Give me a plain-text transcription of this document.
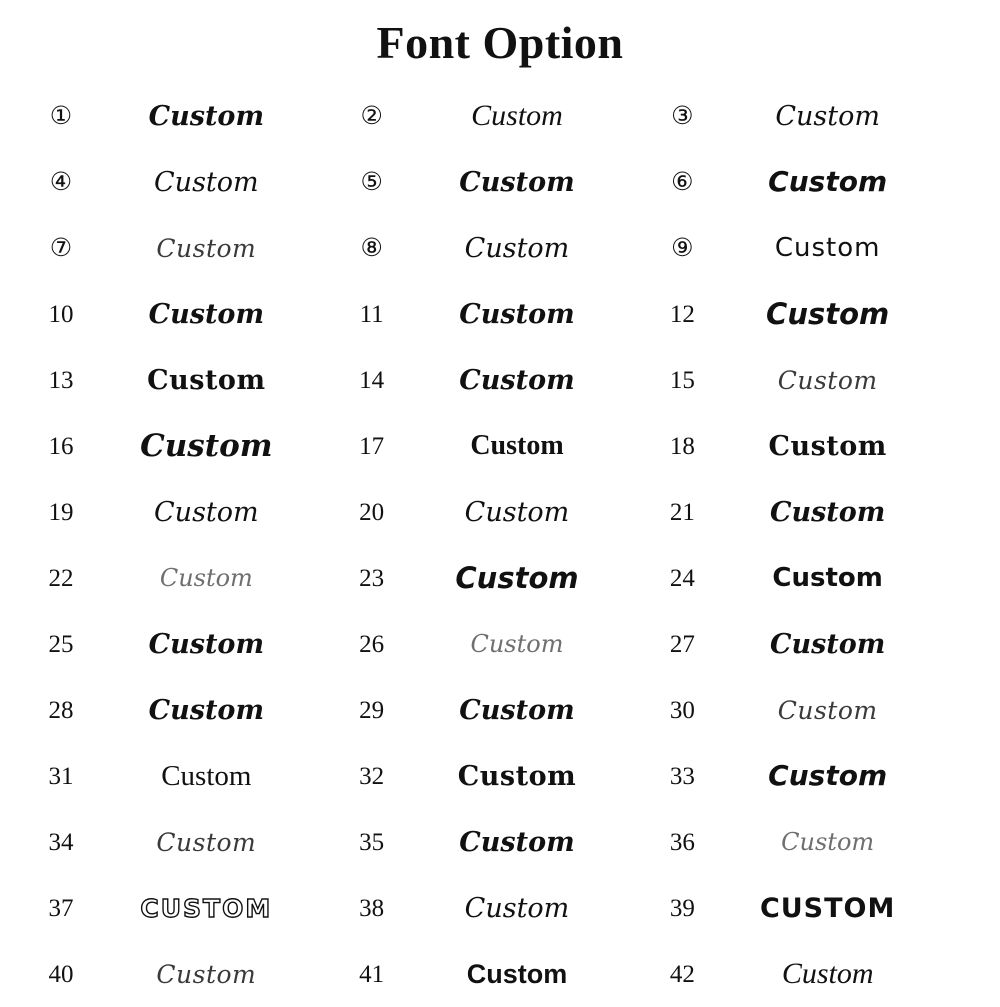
Font Option
①	Custom	②	Custom	③	Custom
④	Custom	⑤	Custom	⑥	Custom
⑦	Custom	⑧	Custom	⑨	Custom
10	Custom	11	Custom	12	Custom
13	Custom	14	Custom	15	Custom
16	Custom	17	Custom	18	Custom
19	Custom	20	Custom	21	Custom
22	Custom	23	Custom	24	Custom
25	Custom	26	Custom	27	Custom
28	Custom	29	Custom	30	Custom
31	Custom	32	Custom	33	Custom
34	Custom	35	Custom	36	Custom
37	CUSTOM	38	Custom	39	CUSTOM
40	Custom	41	Custom	42	Custom
